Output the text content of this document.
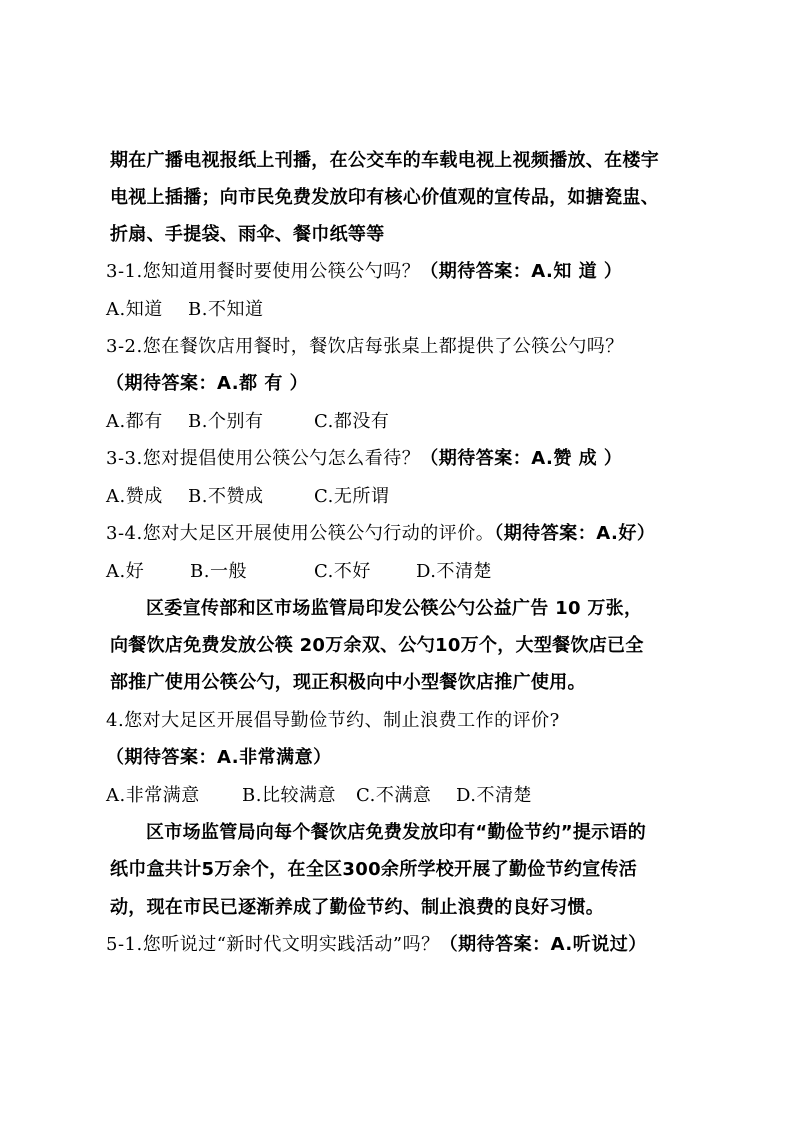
期在广播电视报纸上刊播，在公交车的车载电视上视频播放、在楼宇
电视上插播；向市民免费发放印有核心价值观的宣传品，如搪瓷盅、
折扇、手提袋、雨伞、餐巾纸等等
3-1.您知道用餐时要使用公筷公勺吗？（期待答案：A.知 道 ）
A.知道 B.不知道
3-2.您在餐饮店用餐时，餐饮店每张桌上都提供了公筷公勺吗？
（期待答案：A.都 有 ）
A.都有 B.个别有	C.都没有
3-3.您对提倡使用公筷公勺怎么看待？（期待答案：A.赞 成 ）
A.赞成 B.不赞成	C.无所谓
3-4.您对大足区开展使用公筷公勺行动的评价。（期待答案：A.好）
A.好	B.一般	C.不好	D.不清楚
区委宣传部和区市场监管局印发公筷公勺公益广告 10 万张，
向餐饮店免费发放公筷 20万余双、公勺10万个，大型餐饮店已全
部推广使用公筷公勺，现正积极向中小型餐饮店推广使用。
4.您对大足区开展倡导勤俭节约、制止浪费工作的评价?
（期待答案：A.非常满意）
A.非常满意 B.比较满意 C.不满意 D.不清楚
区市场监管局向每个餐饮店免费发放印有“勤俭节约”提示语的
纸巾盒共计5万余个，在全区300余所学校开展了勤俭节约宣传活
动，现在市民已逐渐养成了勤俭节约、制止浪费的良好习惯。
5-1.您听说过“新时代文明实践活动”吗？（期待答案：A.听说过）
